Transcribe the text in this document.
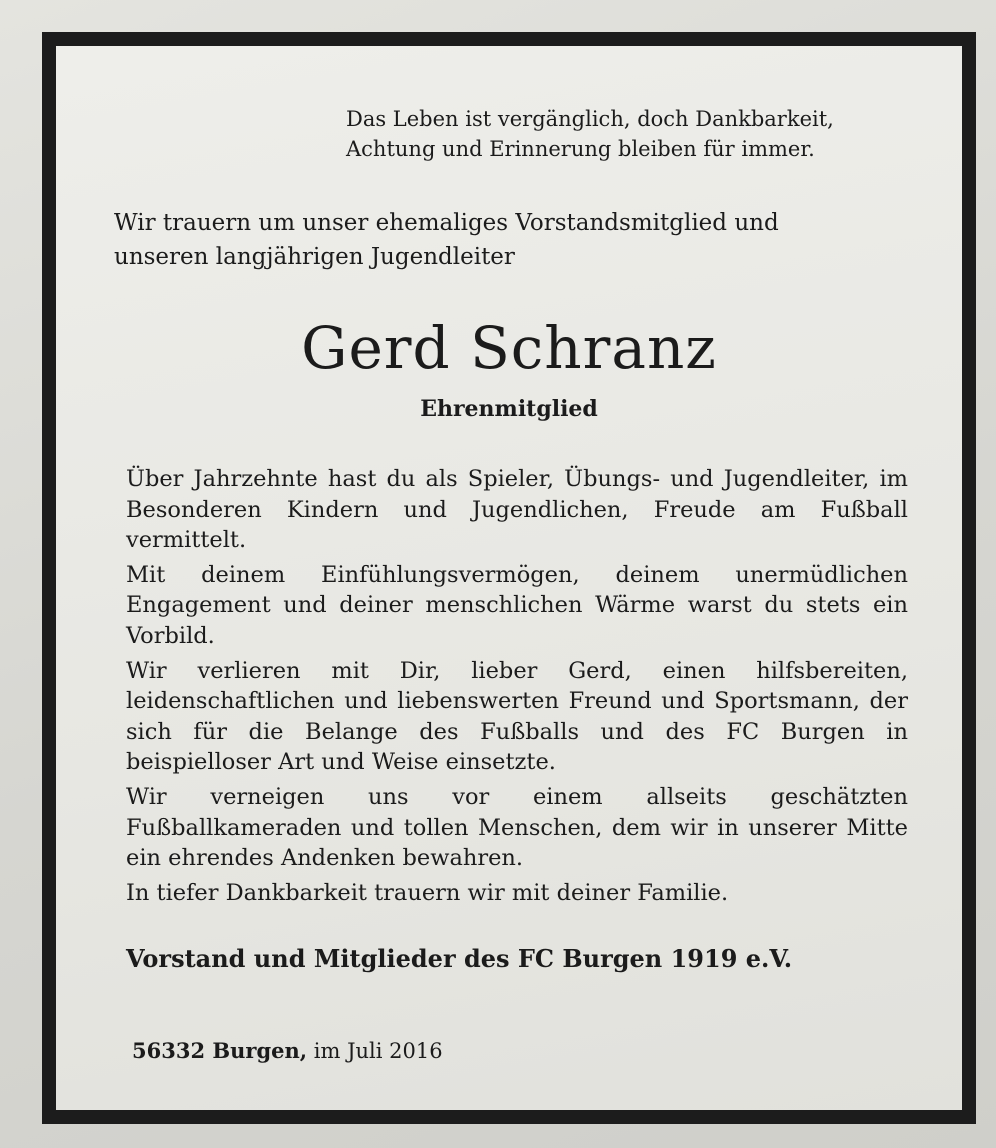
Das Leben ist vergänglich, doch Dankbarkeit,
Achtung und Erinnerung bleiben für immer.

Wir trauern um unser ehemaliges Vorstandsmitglied und
unseren langjährigen Jugendleiter

Gerd Schranz

Ehrenmitglied

Über Jahrzehnte hast du als Spieler, Übungs- und Jugendleiter, im Besonderen Kindern und Jugendlichen, Freude am Fußball vermittelt.

Mit deinem Einfühlungsvermögen, deinem unermüdlichen Engagement und deiner menschlichen Wärme warst du stets ein Vorbild.

Wir verlieren mit Dir, lieber Gerd, einen hilfsbereiten, leidenschaftlichen und liebenswerten Freund und Sportsmann, der sich für die Belange des Fußballs und des FC Burgen in beispielloser Art und Weise einsetzte.

Wir verneigen uns vor einem allseits geschätzten Fußballkameraden und tollen Menschen, dem wir in unserer Mitte ein ehrendes Andenken bewahren.

In tiefer Dankbarkeit trauern wir mit deiner Familie.

Vorstand und Mitglieder des FC Burgen 1919 e.V.

56332 Burgen, im Juli 2016
